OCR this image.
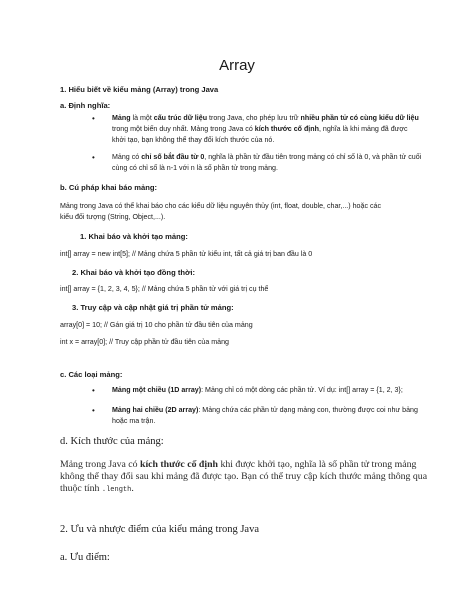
Array
1. Hiểu biết về kiểu mảng (Array) trong Java
a. Định nghĩa:
• Mảng là một cấu trúc dữ liệu trong Java, cho phép lưu trữ nhiều phần tử có cùng kiểu dữ liệu
trong một biến duy nhất. Mảng trong Java có kích thước cố định, nghĩa là khi mảng đã được
khởi tạo, bạn không thể thay đổi kích thước của nó.
• Mảng có chỉ số bắt đầu từ 0, nghĩa là phần tử đầu tiên trong mảng có chỉ số là 0, và phần tử cuối
cùng có chỉ số là n-1 với n là số phần tử trong mảng.
b. Cú pháp khai báo mảng:
Mảng trong Java có thể khai báo cho các kiểu dữ liệu nguyên thủy (int, float, double, char,...) hoặc các
kiểu đối tượng (String, Object,...).
1. Khai báo và khởi tạo mảng:
int[] array = new int[5]; // Mảng chứa 5 phần tử kiểu int, tất cả giá trị ban đầu là 0
2. Khai báo và khởi tạo đồng thời:
int[] array = {1, 2, 3, 4, 5}; // Mảng chứa 5 phần tử với giá trị cụ thể
3. Truy cập và cập nhật giá trị phần tử mảng:
array[0] = 10; // Gán giá trị 10 cho phần tử đầu tiên của mảng
int x = array[0]; // Truy cập phần tử đầu tiên của mảng
c. Các loại mảng:
• Mảng một chiều (1D array): Mảng chỉ có một dòng các phần tử. Ví dụ: int[] array = {1, 2, 3};
• Mảng hai chiều (2D array): Mảng chứa các phần tử dạng mảng con, thường được coi như bảng
hoặc ma trận.
d. Kích thước của mảng:
Mảng trong Java có kích thước cố định khi được khởi tạo, nghĩa là số phần tử trong mảng
không thể thay đổi sau khi mảng đã được tạo. Bạn có thể truy cập kích thước mảng thông qua
thuộc tính .length.
2. Ưu và nhược điểm của kiểu mảng trong Java
a. Ưu điểm:
